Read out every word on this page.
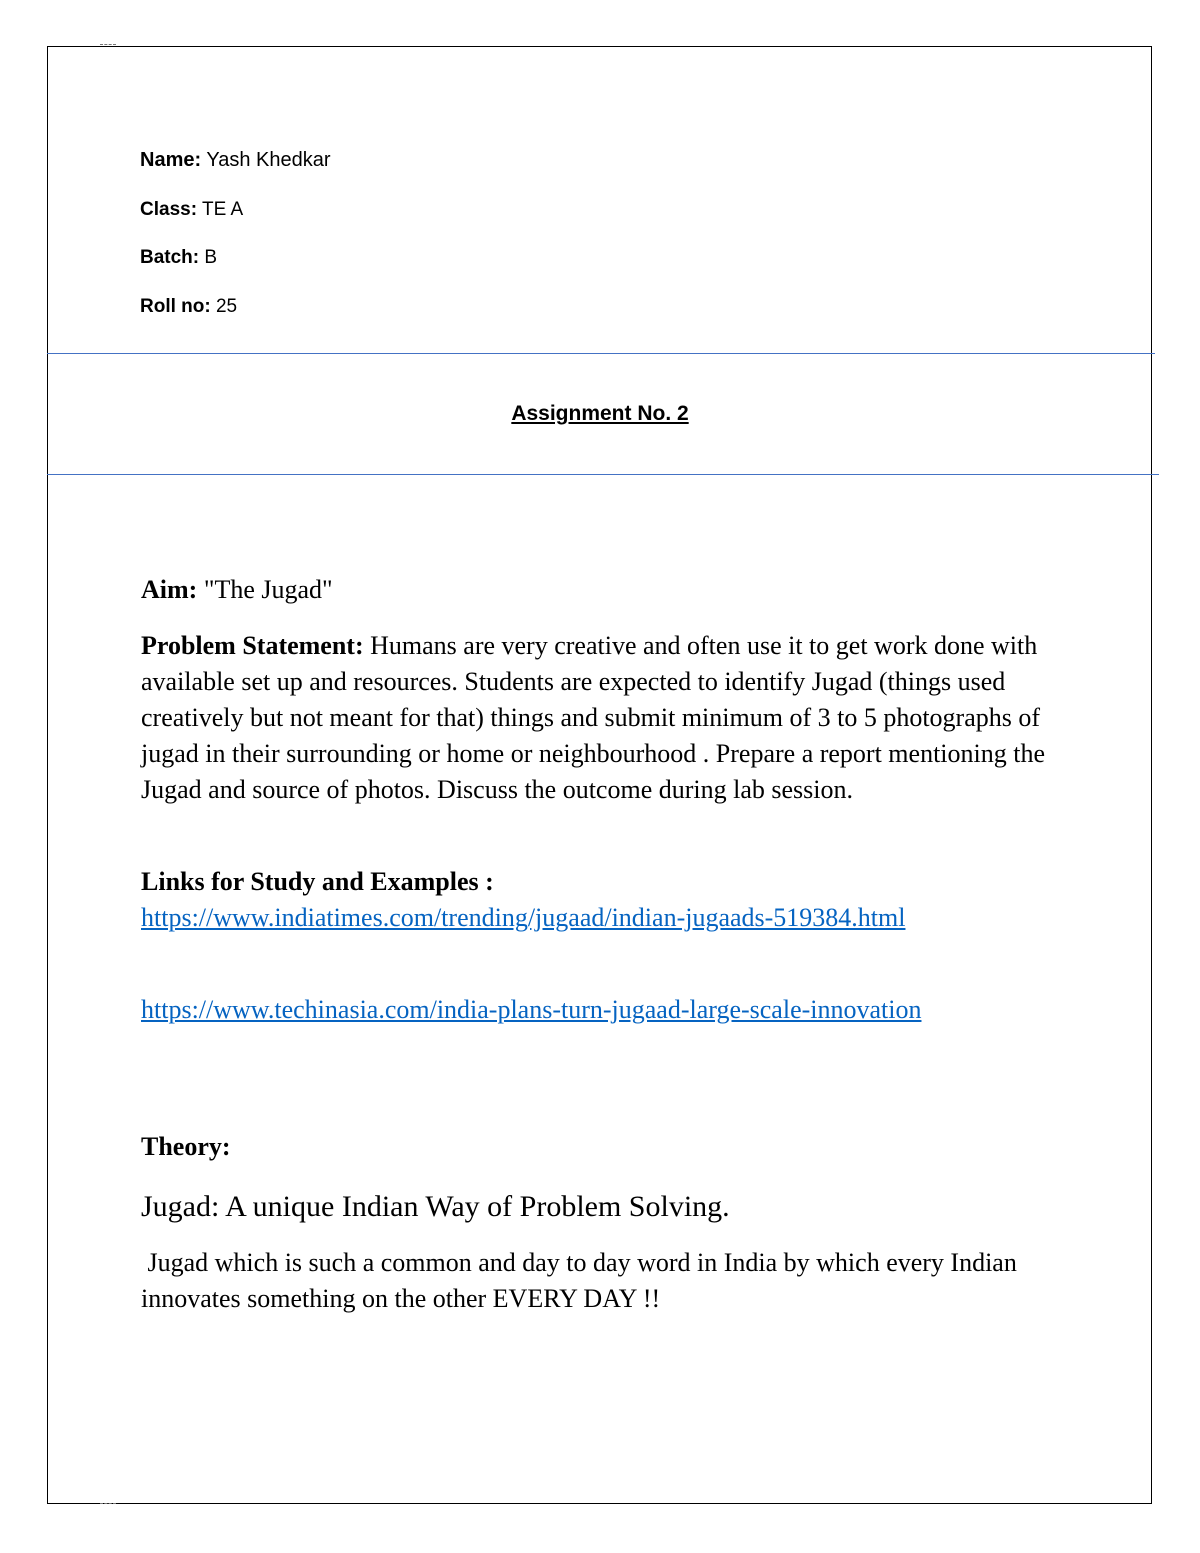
Name: Yash Khedkar
Class: TE A
Batch: B
Roll no: 25
Assignment No. 2
Aim: "The Jugad"
Problem Statement: Humans are very creative and often use it to get work done with available set up and resources. Students are expected to identify Jugad (things used creatively but not meant for that) things and submit minimum of 3 to 5 photographs of jugad in their surrounding or home or neighbourhood . Prepare a report mentioning the Jugad and source of photos. Discuss the outcome during lab session.
Links for Study and Examples :
https://www.indiatimes.com/trending/jugaad/indian-jugaads-519384.html
https://www.techinasia.com/india-plans-turn-jugaad-large-scale-innovation
Theory:
Jugad: A unique Indian Way of Problem Solving.
Jugad which is such a common and day to day word in India by which every Indian innovates something on the other EVERY DAY !!
